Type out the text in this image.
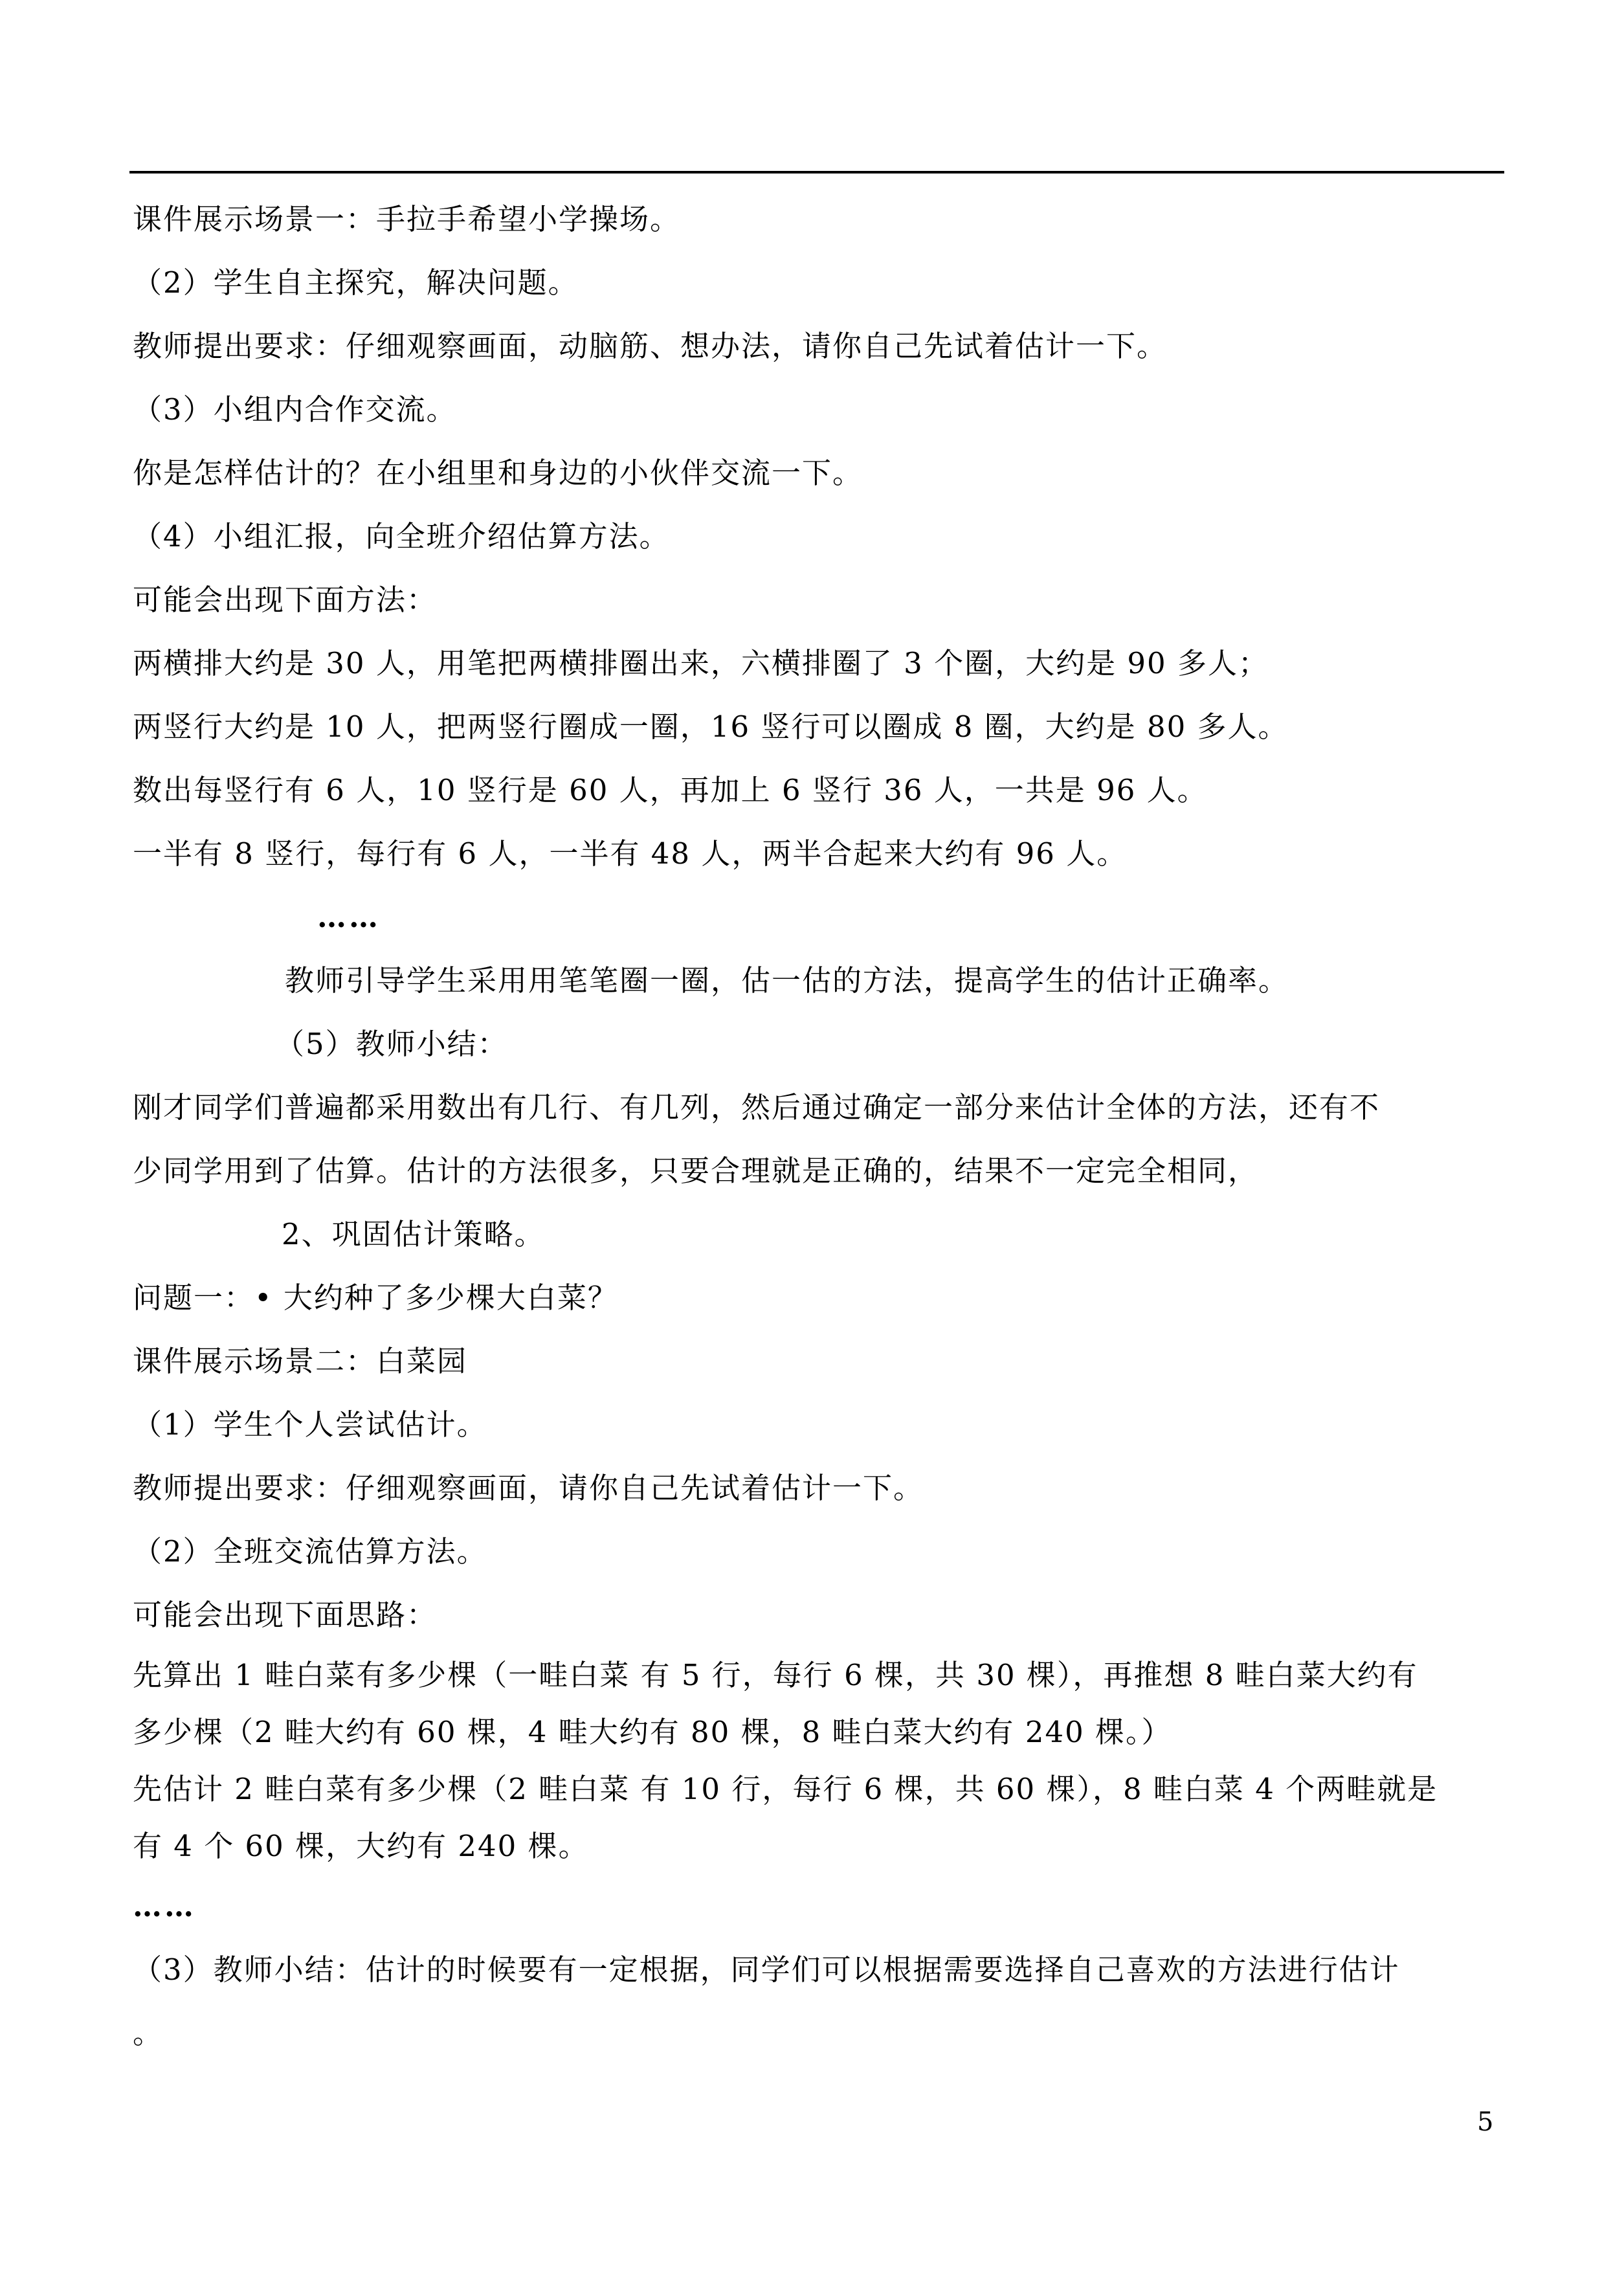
课件展示场景一：手拉手希望小学操场。
（2）学生自主探究，解决问题。
教师提出要求：仔细观察画面，动脑筋、想办法，请你自己先试着估计一下。
（3）小组内合作交流。
你是怎样估计的？在小组里和身边的小伙伴交流一下。
（4）小组汇报，向全班介绍估算方法。
可能会出现下面方法：
两横排大约是 30 人，用笔把两横排圈出来，六横排圈了 3 个圈，大约是 90 多人；
两竖行大约是 10 人，把两竖行圈成一圈，16 竖行可以圈成 8 圈，大约是 80 多人。
数出每竖行有 6 人，10 竖行是 60 人，再加上 6 竖行 36 人，一共是 96 人。
一半有 8 竖行，每行有 6 人，一半有 48 人，两半合起来大约有 96 人。
……
教师引导学生采用用笔笔圈一圈，估一估的方法，提高学生的估计正确率。
（5）教师小结：
刚才同学们普遍都采用数出有几行、有几列，然后通过确定一部分来估计全体的方法，还有不
少同学用到了估算。估计的方法很多，只要合理就是正确的，结果不一定完全相同，
2、巩固估计策略。
问题一：• 大约种了多少棵大白菜？
课件展示场景二：白菜园
（1）学生个人尝试估计。
教师提出要求：仔细观察画面，请你自己先试着估计一下。
（2）全班交流估算方法。
可能会出现下面思路：
先算出 1 畦白菜有多少棵（一畦白菜 有 5 行，每行 6 棵，共 30 棵），再推想 8 畦白菜大约有
多少棵（2 畦大约有 60 棵，4 畦大约有 80 棵，8 畦白菜大约有 240 棵。）
先估计 2 畦白菜有多少棵（2 畦白菜 有 10 行，每行 6 棵，共 60 棵），8 畦白菜 4 个两畦就是
有 4 个 60 棵，大约有 240 棵。
……
（3）教师小结：估计的时候要有一定根据，同学们可以根据需要选择自己喜欢的方法进行估计
。
5
